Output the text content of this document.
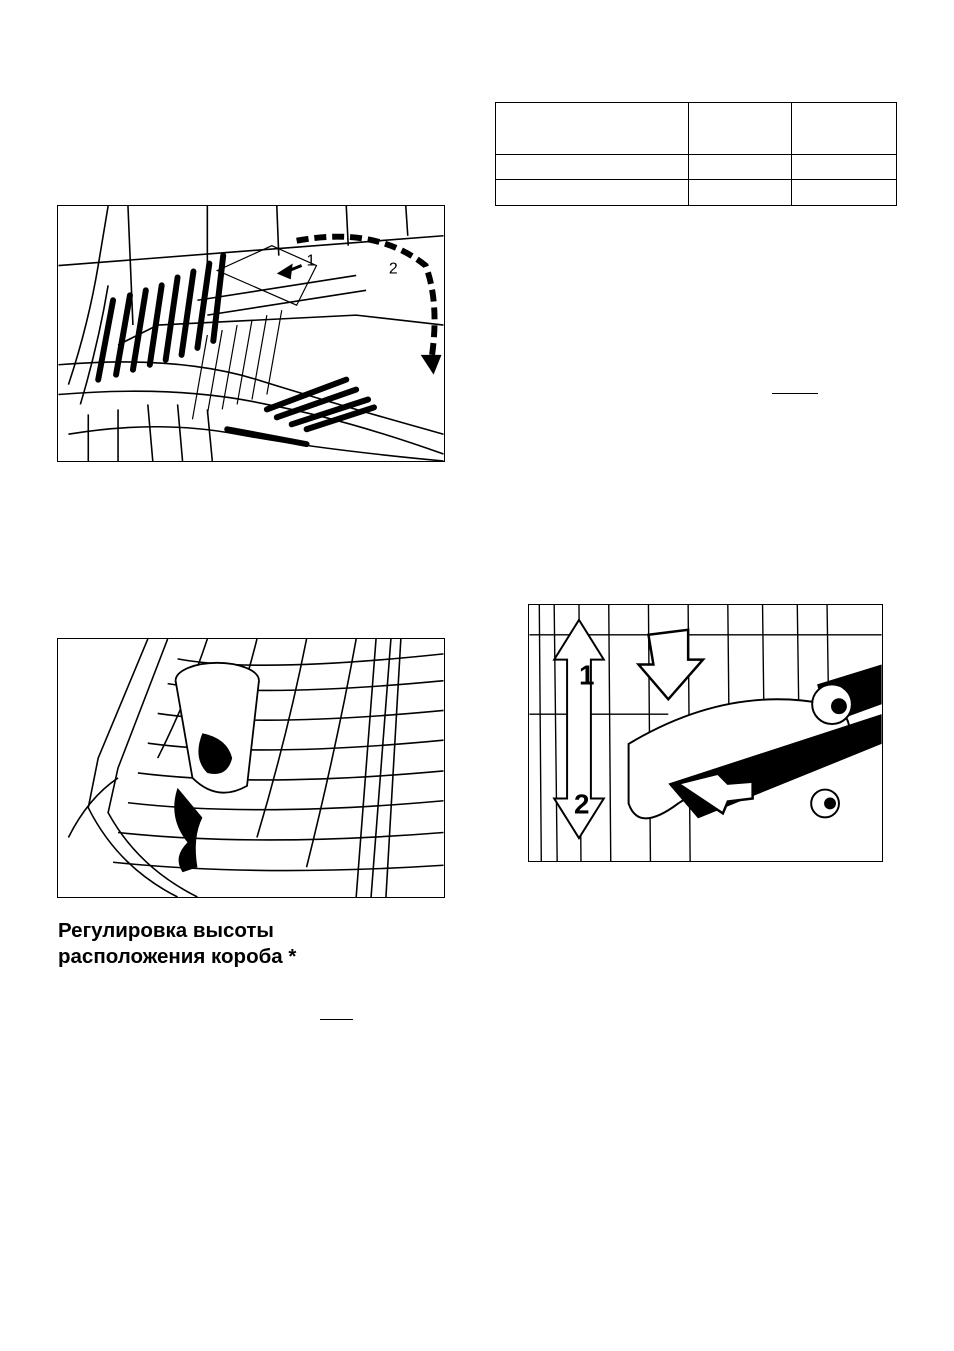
1	2
Регулировка высоты
расположения короба *
1
2
